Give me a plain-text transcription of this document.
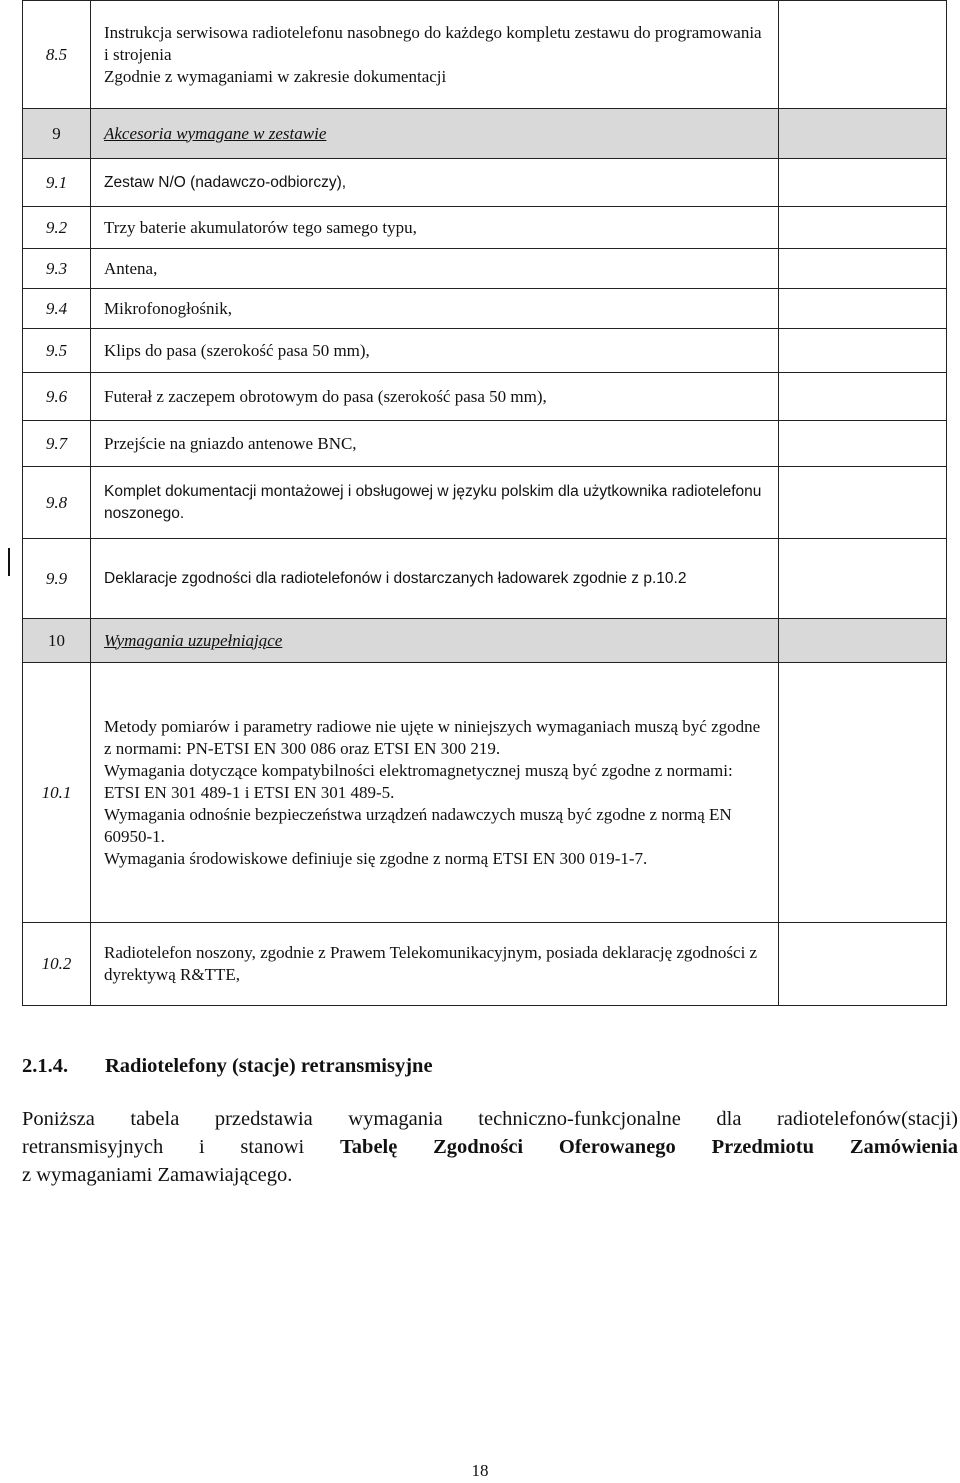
8.5	Instrukcja serwisowa radiotelefonu nasobnego do każdego kompletu zestawu do programowania i strojenia

Zgodnie z wymaganiami w zakresie dokumentacji	

9	Akcesoria wymagane w zestawie	
9.1	Zestaw N/O (nadawczo-odbiorczy),	
9.2	Trzy baterie akumulatorów tego samego typu,	
9.3	Antena,	
9.4	Mikrofonogłośnik,	
9.5	Klips do pasa (szerokość pasa 50 mm),	
9.6	Futerał z zaczepem obrotowym do pasa (szerokość pasa 50 mm),	
9.7	Przejście na gniazdo antenowe BNC,	
9.8	Komplet dokumentacji montażowej i obsługowej w języku polskim dla użytkownika radiotelefonu noszonego.	
9.9	Deklaracje zgodności dla radiotelefonów i dostarczanych ładowarek zgodnie z p.10.2	
10	Wymagania uzupełniające	
10.1	Metody pomiarów i parametry radiowe nie ujęte w niniejszych wymaganiach muszą być zgodne z normami: PN-ETSI EN 300 086 oraz ETSI EN 300 219.

Wymagania dotyczące kompatybilności elektromagnetycznej muszą być zgodne z normami: ETSI EN 301 489-1 i ETSI EN 301 489-5.

Wymagania odnośnie bezpieczeństwa urządzeń nadawczych muszą być zgodne z normą EN 60950-1.

Wymagania środowiskowe definiuje się zgodne z normą ETSI EN 300 019-1-7.	

10.2	Radiotelefon noszony, zgodnie z Prawem Telekomunikacyjnym, posiada deklarację zgodności z dyrektywą R&TTE,	
2.1.4. Radiotelefony (stacje) retransmisyjne
Poniższa tabela przedstawia wymagania techniczno-funkcjonalne dla radiotelefonów(stacji)
retransmisyjnych i stanowi Tabelę Zgodności Oferowanego Przedmiotu Zamówienia
z wymaganiami Zamawiającego.
18
